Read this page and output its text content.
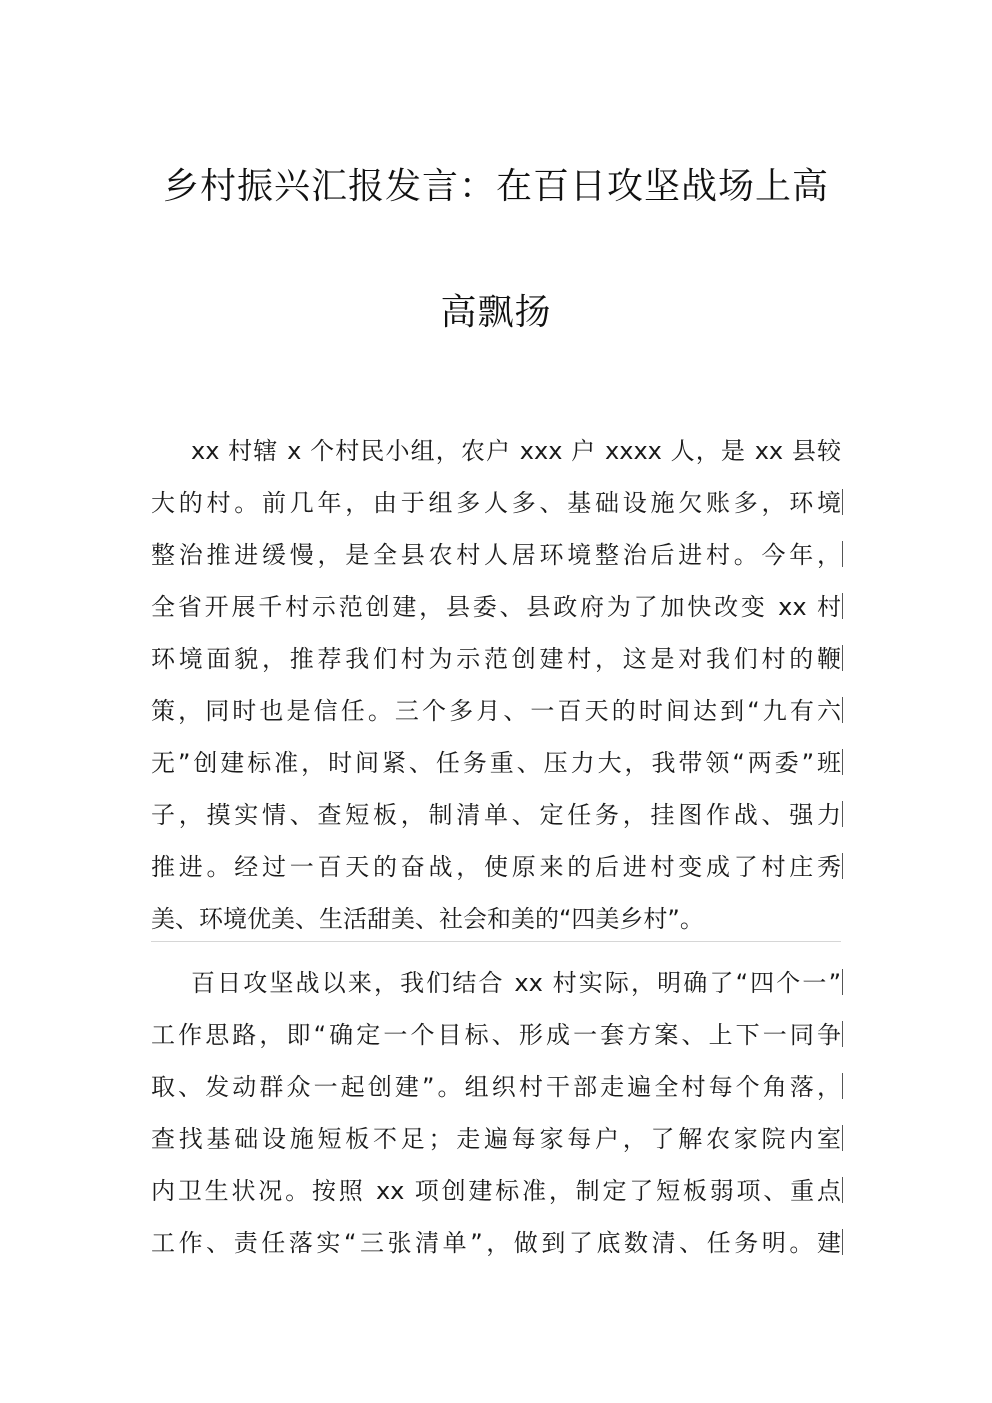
乡村振兴汇报发言：在百日攻坚战场上高
高飘扬
xx 村辖 x 个村民小组，农户 xxx 户 xxxx 人，是 xx 县较
大的村。前几年，由于组多人多、基础设施欠账多，环境
整治推进缓慢，是全县农村人居环境整治后进村。今年，
全省开展千村示范创建，县委、县政府为了加快改变 xx 村
环境面貌，推荐我们村为示范创建村，这是对我们村的鞭
策，同时也是信任。三个多月、一百天的时间达到“九有六
无”创建标准，时间紧、任务重、压力大，我带领“两委”班
子，摸实情、查短板，制清单、定任务，挂图作战、强力
推进。经过一百天的奋战，使原来的后进村变成了村庄秀
美、环境优美、生活甜美、社会和美的“四美乡村”。
百日攻坚战以来，我们结合 xx 村实际，明确了“四个一”
工作思路，即“确定一个目标、形成一套方案、上下一同争
取、发动群众一起创建”。组织村干部走遍全村每个角落，
查找基础设施短板不足；走遍每家每户，了解农家院内室
内卫生状况。按照 xx 项创建标准，制定了短板弱项、重点
工作、责任落实“三张清单”，做到了底数清、任务明。建
